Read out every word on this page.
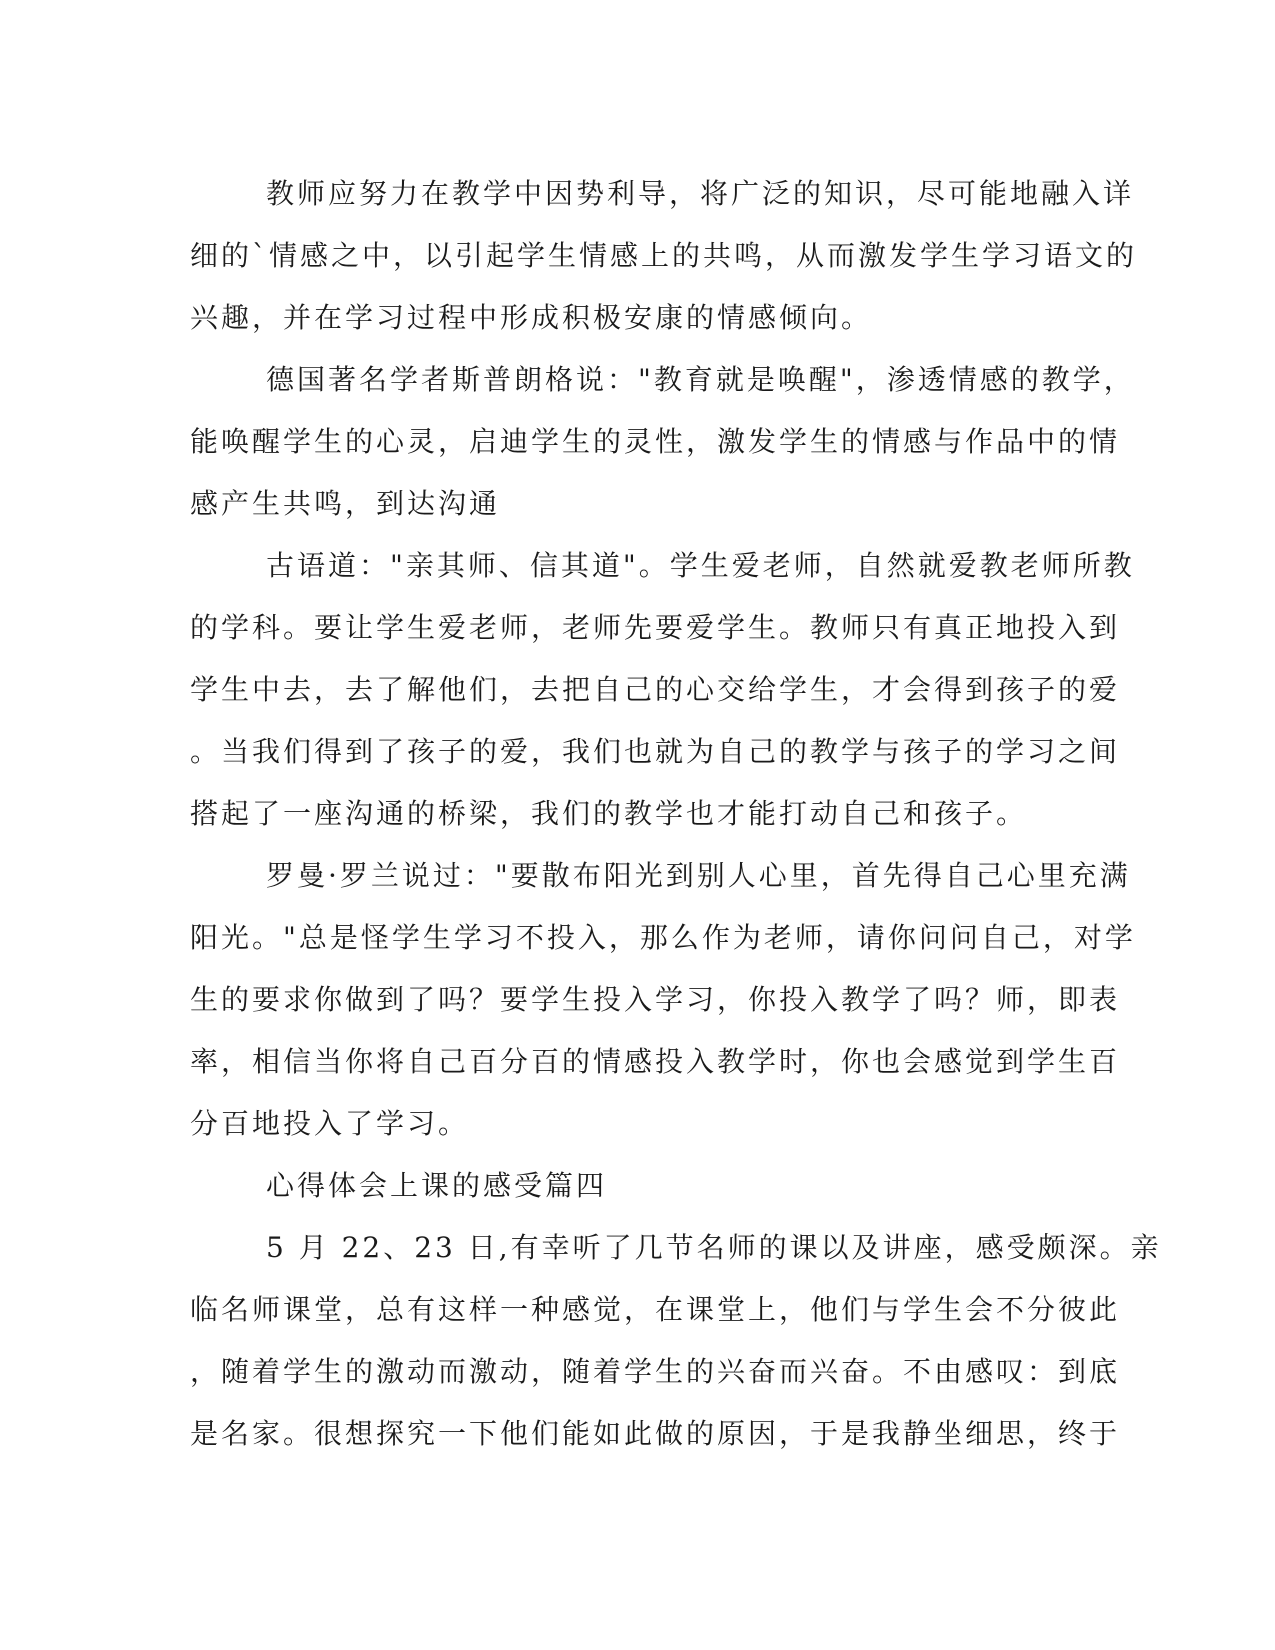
教师应努力在教学中因势利导，将广泛的知识，尽可能地融入详
细的`情感之中，以引起学生情感上的共鸣，从而激发学生学习语文的
兴趣，并在学习过程中形成积极安康的情感倾向。
德国著名学者斯普朗格说："教育就是唤醒"，渗透情感的教学，
能唤醒学生的心灵，启迪学生的灵性，激发学生的情感与作品中的情
感产生共鸣，到达沟通
古语道："亲其师、信其道"。学生爱老师，自然就爱教老师所教
的学科。要让学生爱老师，老师先要爱学生。教师只有真正地投入到
学生中去，去了解他们，去把自己的心交给学生，才会得到孩子的爱
。当我们得到了孩子的爱，我们也就为自己的教学与孩子的学习之间
搭起了一座沟通的桥梁，我们的教学也才能打动自己和孩子。
罗曼·罗兰说过："要散布阳光到别人心里，首先得自己心里充满
阳光。"总是怪学生学习不投入，那么作为老师，请你问问自己，对学
生的要求你做到了吗？要学生投入学习，你投入教学了吗？师，即表
率，相信当你将自己百分百的情感投入教学时，你也会感觉到学生百
分百地投入了学习。
心得体会上课的感受篇四
5 月 22、23 日,有幸听了几节名师的课以及讲座，感受颇深。亲
临名师课堂，总有这样一种感觉，在课堂上，他们与学生会不分彼此
，随着学生的激动而激动，随着学生的兴奋而兴奋。不由感叹：到底
是名家。很想探究一下他们能如此做的原因，于是我静坐细思，终于
